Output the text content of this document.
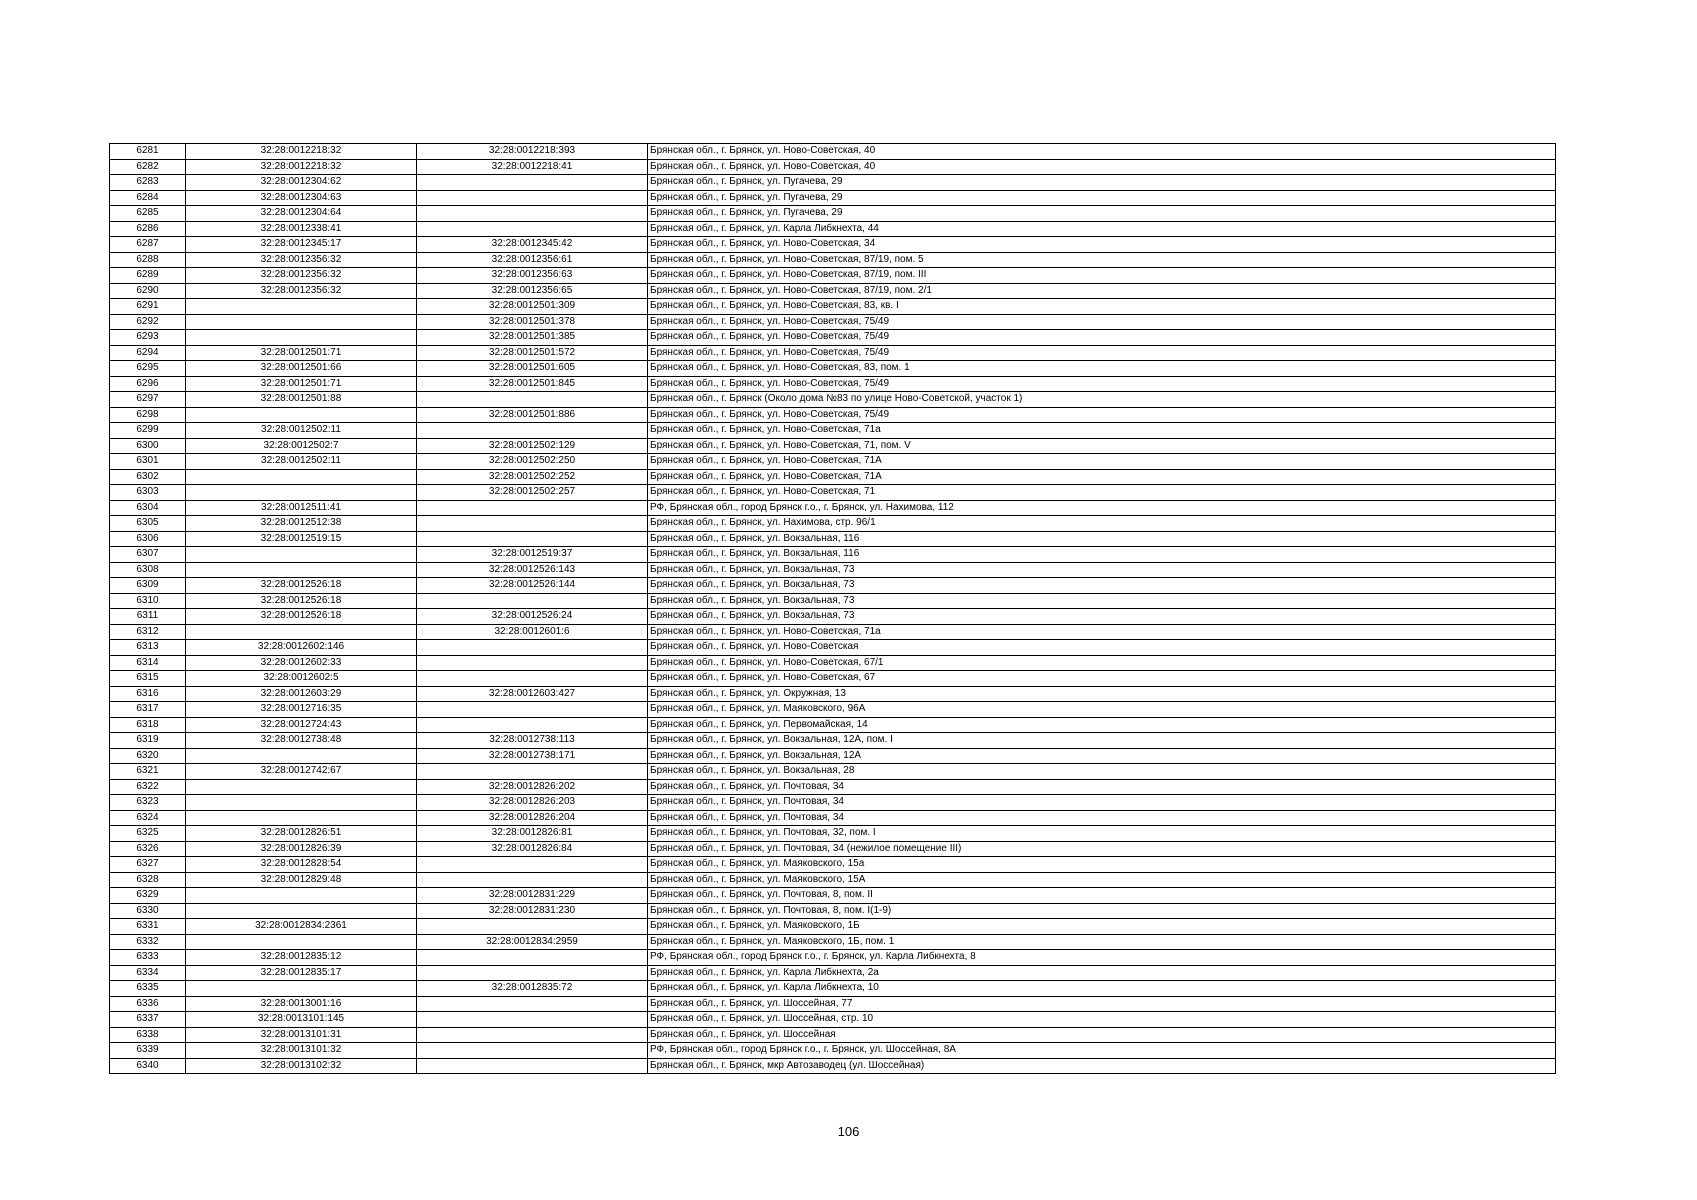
6281	32:28:0012218:32	32:28:0012218:393	Брянская обл., г. Брянск, ул. Ново-Советская, 40
6282	32:28:0012218:32	32:28:0012218:41	Брянская обл., г. Брянск, ул. Ново-Советская, 40
6283	32:28:0012304:62		Брянская обл., г. Брянск, ул. Пугачева, 29
6284	32:28:0012304:63		Брянская обл., г. Брянск, ул. Пугачева, 29
6285	32:28:0012304:64		Брянская обл., г. Брянск, ул. Пугачева, 29
6286	32:28:0012338:41		Брянская обл., г. Брянск, ул. Карла Либкнехта, 44
6287	32:28:0012345:17	32:28:0012345:42	Брянская обл., г. Брянск, ул. Ново-Советская, 34
6288	32:28:0012356:32	32:28:0012356:61	Брянская обл., г. Брянск, ул. Ново-Советская, 87/19, пом. 5
6289	32:28:0012356:32	32:28:0012356:63	Брянская обл., г. Брянск, ул. Ново-Советская, 87/19, пом. III
6290	32:28:0012356:32	32:28:0012356:65	Брянская обл., г. Брянск, ул. Ново-Советская, 87/19, пом. 2/1
6291		32:28:0012501:309	Брянская обл., г. Брянск, ул. Ново-Советская, 83, кв. I
6292		32:28:0012501:378	Брянская обл., г. Брянск, ул. Ново-Советская, 75/49
6293		32:28:0012501:385	Брянская обл., г. Брянск, ул. Ново-Советская, 75/49
6294	32:28:0012501:71	32:28:0012501:572	Брянская обл., г. Брянск, ул. Ново-Советская, 75/49
6295	32:28:0012501:66	32:28:0012501:605	Брянская обл., г. Брянск, ул. Ново-Советская, 83, пом. 1
6296	32:28:0012501:71	32:28:0012501:845	Брянская обл., г. Брянск, ул. Ново-Советская, 75/49
6297	32:28:0012501:88		Брянская обл., г. Брянск (Около дома №83 по улице Ново-Советской, участок 1)
6298		32:28:0012501:886	Брянская обл., г. Брянск, ул. Ново-Советская, 75/49
6299	32:28:0012502:11		Брянская обл., г. Брянск, ул. Ново-Советская, 71а
6300	32:28:0012502:7	32:28:0012502:129	Брянская обл., г. Брянск, ул. Ново-Советская, 71, пом. V
6301	32:28:0012502:11	32:28:0012502:250	Брянская обл., г. Брянск, ул. Ново-Советская, 71А
6302		32:28:0012502:252	Брянская обл., г. Брянск, ул. Ново-Советская, 71А
6303		32:28:0012502:257	Брянская обл., г. Брянск, ул. Ново-Советская, 71
6304	32:28:0012511:41		РФ, Брянская обл., город Брянск г.о., г. Брянск, ул. Нахимова, 112
6305	32:28:0012512:38		Брянская обл., г. Брянск, ул. Нахимова, стр. 96/1
6306	32:28:0012519:15		Брянская обл., г. Брянск, ул. Вокзальная, 116
6307		32:28:0012519:37	Брянская обл., г. Брянск, ул. Вокзальная, 116
6308		32:28:0012526:143	Брянская обл., г. Брянск, ул. Вокзальная, 73
6309	32:28:0012526:18	32:28:0012526:144	Брянская обл., г. Брянск, ул. Вокзальная, 73
6310	32:28:0012526:18		Брянская обл., г. Брянск, ул. Вокзальная, 73
6311	32:28:0012526:18	32:28:0012526:24	Брянская обл., г. Брянск, ул. Вокзальная, 73
6312		32:28:0012601:6	Брянская обл., г. Брянск, ул. Ново-Советская, 71а
6313	32:28:0012602:146		Брянская обл., г. Брянск, ул. Ново-Советская
6314	32:28:0012602:33		Брянская обл., г. Брянск, ул. Ново-Советская, 67/1
6315	32:28:0012602:5		Брянская обл., г. Брянск, ул. Ново-Советская, 67
6316	32:28:0012603:29	32:28:0012603:427	Брянская обл., г. Брянск, ул. Окружная, 13
6317	32:28:0012716:35		Брянская обл., г. Брянск, ул. Маяковского, 96А
6318	32:28:0012724:43		Брянская обл., г. Брянск, ул. Первомайская, 14
6319	32:28:0012738:48	32:28:0012738:113	Брянская обл., г. Брянск, ул. Вокзальная, 12А, пом. I
6320		32:28:0012738:171	Брянская обл., г. Брянск, ул. Вокзальная, 12А
6321	32:28:0012742:67		Брянская обл., г. Брянск, ул. Вокзальная, 28
6322		32:28:0012826:202	Брянская обл., г. Брянск, ул. Почтовая, 34
6323		32:28:0012826:203	Брянская обл., г. Брянск, ул. Почтовая, 34
6324		32:28:0012826:204	Брянская обл., г. Брянск, ул. Почтовая, 34
6325	32:28:0012826:51	32:28:0012826:81	Брянская обл., г. Брянск, ул. Почтовая, 32, пом. I
6326	32:28:0012826:39	32:28:0012826:84	Брянская обл., г. Брянск, ул. Почтовая, 34 (нежилое помещение III)
6327	32:28:0012828:54		Брянская обл., г. Брянск, ул. Маяковского, 15а
6328	32:28:0012829:48		Брянская обл., г. Брянск, ул. Маяковского, 15А
6329		32:28:0012831:229	Брянская обл., г. Брянск, ул. Почтовая, 8, пом. II
6330		32:28:0012831:230	Брянская обл., г. Брянск, ул. Почтовая, 8, пом. I(1-9)
6331	32:28:0012834:2361		Брянская обл., г. Брянск, ул. Маяковского, 1Б
6332		32:28:0012834:2959	Брянская обл., г. Брянск, ул. Маяковского, 1Б, пом. 1
6333	32:28:0012835:12		РФ, Брянская обл., город Брянск г.о., г. Брянск, ул. Карла Либкнехта, 8
6334	32:28:0012835:17		Брянская обл., г. Брянск, ул. Карла Либкнехта, 2а
6335		32:28:0012835:72	Брянская обл., г. Брянск, ул. Карла Либкнехта, 10
6336	32:28:0013001:16		Брянская обл., г. Брянск, ул. Шоссейная, 77
6337	32:28:0013101:145		Брянская обл., г. Брянск, ул. Шоссейная, стр. 10
6338	32:28:0013101:31		Брянская обл., г. Брянск, ул. Шоссейная
6339	32:28:0013101:32		РФ, Брянская обл., город Брянск г.о., г. Брянск, ул. Шоссейная, 8А
6340	32:28:0013102:32		Брянская обл., г. Брянск, мкр Автозаводец (ул. Шоссейная)
106
